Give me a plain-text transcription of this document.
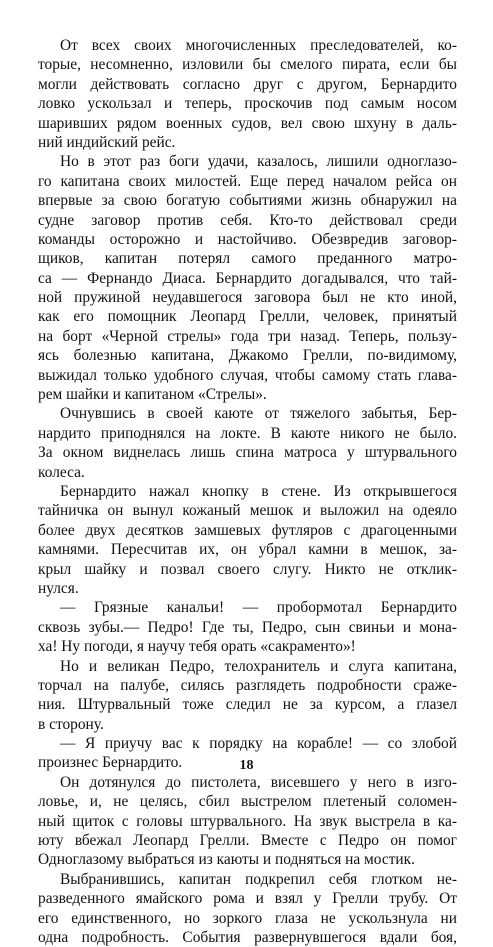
От всех своих многочисленных преследователей, ко-
торые, несомненно, изловили бы смелого пирата, если бы
могли действовать согласно друг с другом, Бернардито
ловко ускользал и теперь, проскочив под самым носом
шаривших рядом военных судов, вел свою шхуну в даль-
ний индийский рейс.
Но в этот раз боги удачи, казалось, лишили одноглазо-
го капитана своих милостей. Еще перед началом рейса он
впервые за свою богатую событиями жизнь обнаружил на
судне заговор против себя. Кто-то действовал среди
команды осторожно и настойчиво. Обезвредив заговор-
щиков, капитан потерял самого преданного матро-
са — Фернандо Диаса. Бернардито догадывался, что тай-
ной пружиной неудавшегося заговора был не кто иной,
как его помощник Леопард Грелли, человек, принятый
на борт «Черной стрелы» года три назад. Теперь, пользу-
ясь болезнью капитана, Джакомо Грелли, по-видимому,
выжидал только удобного случая, чтобы самому стать глава-
рем шайки и капитаном «Стрелы».
Очнувшись в своей каюте от тяжелого забытья, Бер-
нардито приподнялся на локте. В каюте никого не было.
За окном виднелась лишь спина матроса у штурвального
колеса.
Бернардито нажал кнопку в стене. Из открывшегося
тайничка он вынул кожаный мешок и выложил на одеяло
более двух десятков замшевых футляров с драгоценными
камнями. Пересчитав их, он убрал камни в мешок, за-
крыл шайку и позвал своего слугу. Никто не отклик-
нулся.
— Грязные канальи! — пробормотал Бернардито
сквозь зубы.— Педро! Где ты, Педро, сын свиньи и мона-
ха! Ну погоди, я научу тебя орать «сакраменто»!
Но и великан Педро, телохранитель и слуга капитана,
торчал на палубе, силясь разглядеть подробности сраже-
ния. Штурвальный тоже следил не за курсом, а глазел
в сторону.
— Я приучу вас к порядку на корабле! — со злобой
произнес Бернардито.
Он дотянулся до пистолета, висевшего у него в изго-
ловье, и, не целясь, сбил выстрелом плетеный соломен-
ный щиток с головы штурвального. На звук выстрела в ка-
юту вбежал Леопард Грелли. Вместе с Педро он помог
Одноглазому выбраться из каюты и подняться на мостик.
Выбранившись, капитан подкрепил себя глотком не-
разведенного ямайского рома и взял у Грелли трубу. От
его единственного, но зоркого глаза не ускользнула ни
одна подробность. События развернувшегося вдали боя,
18
